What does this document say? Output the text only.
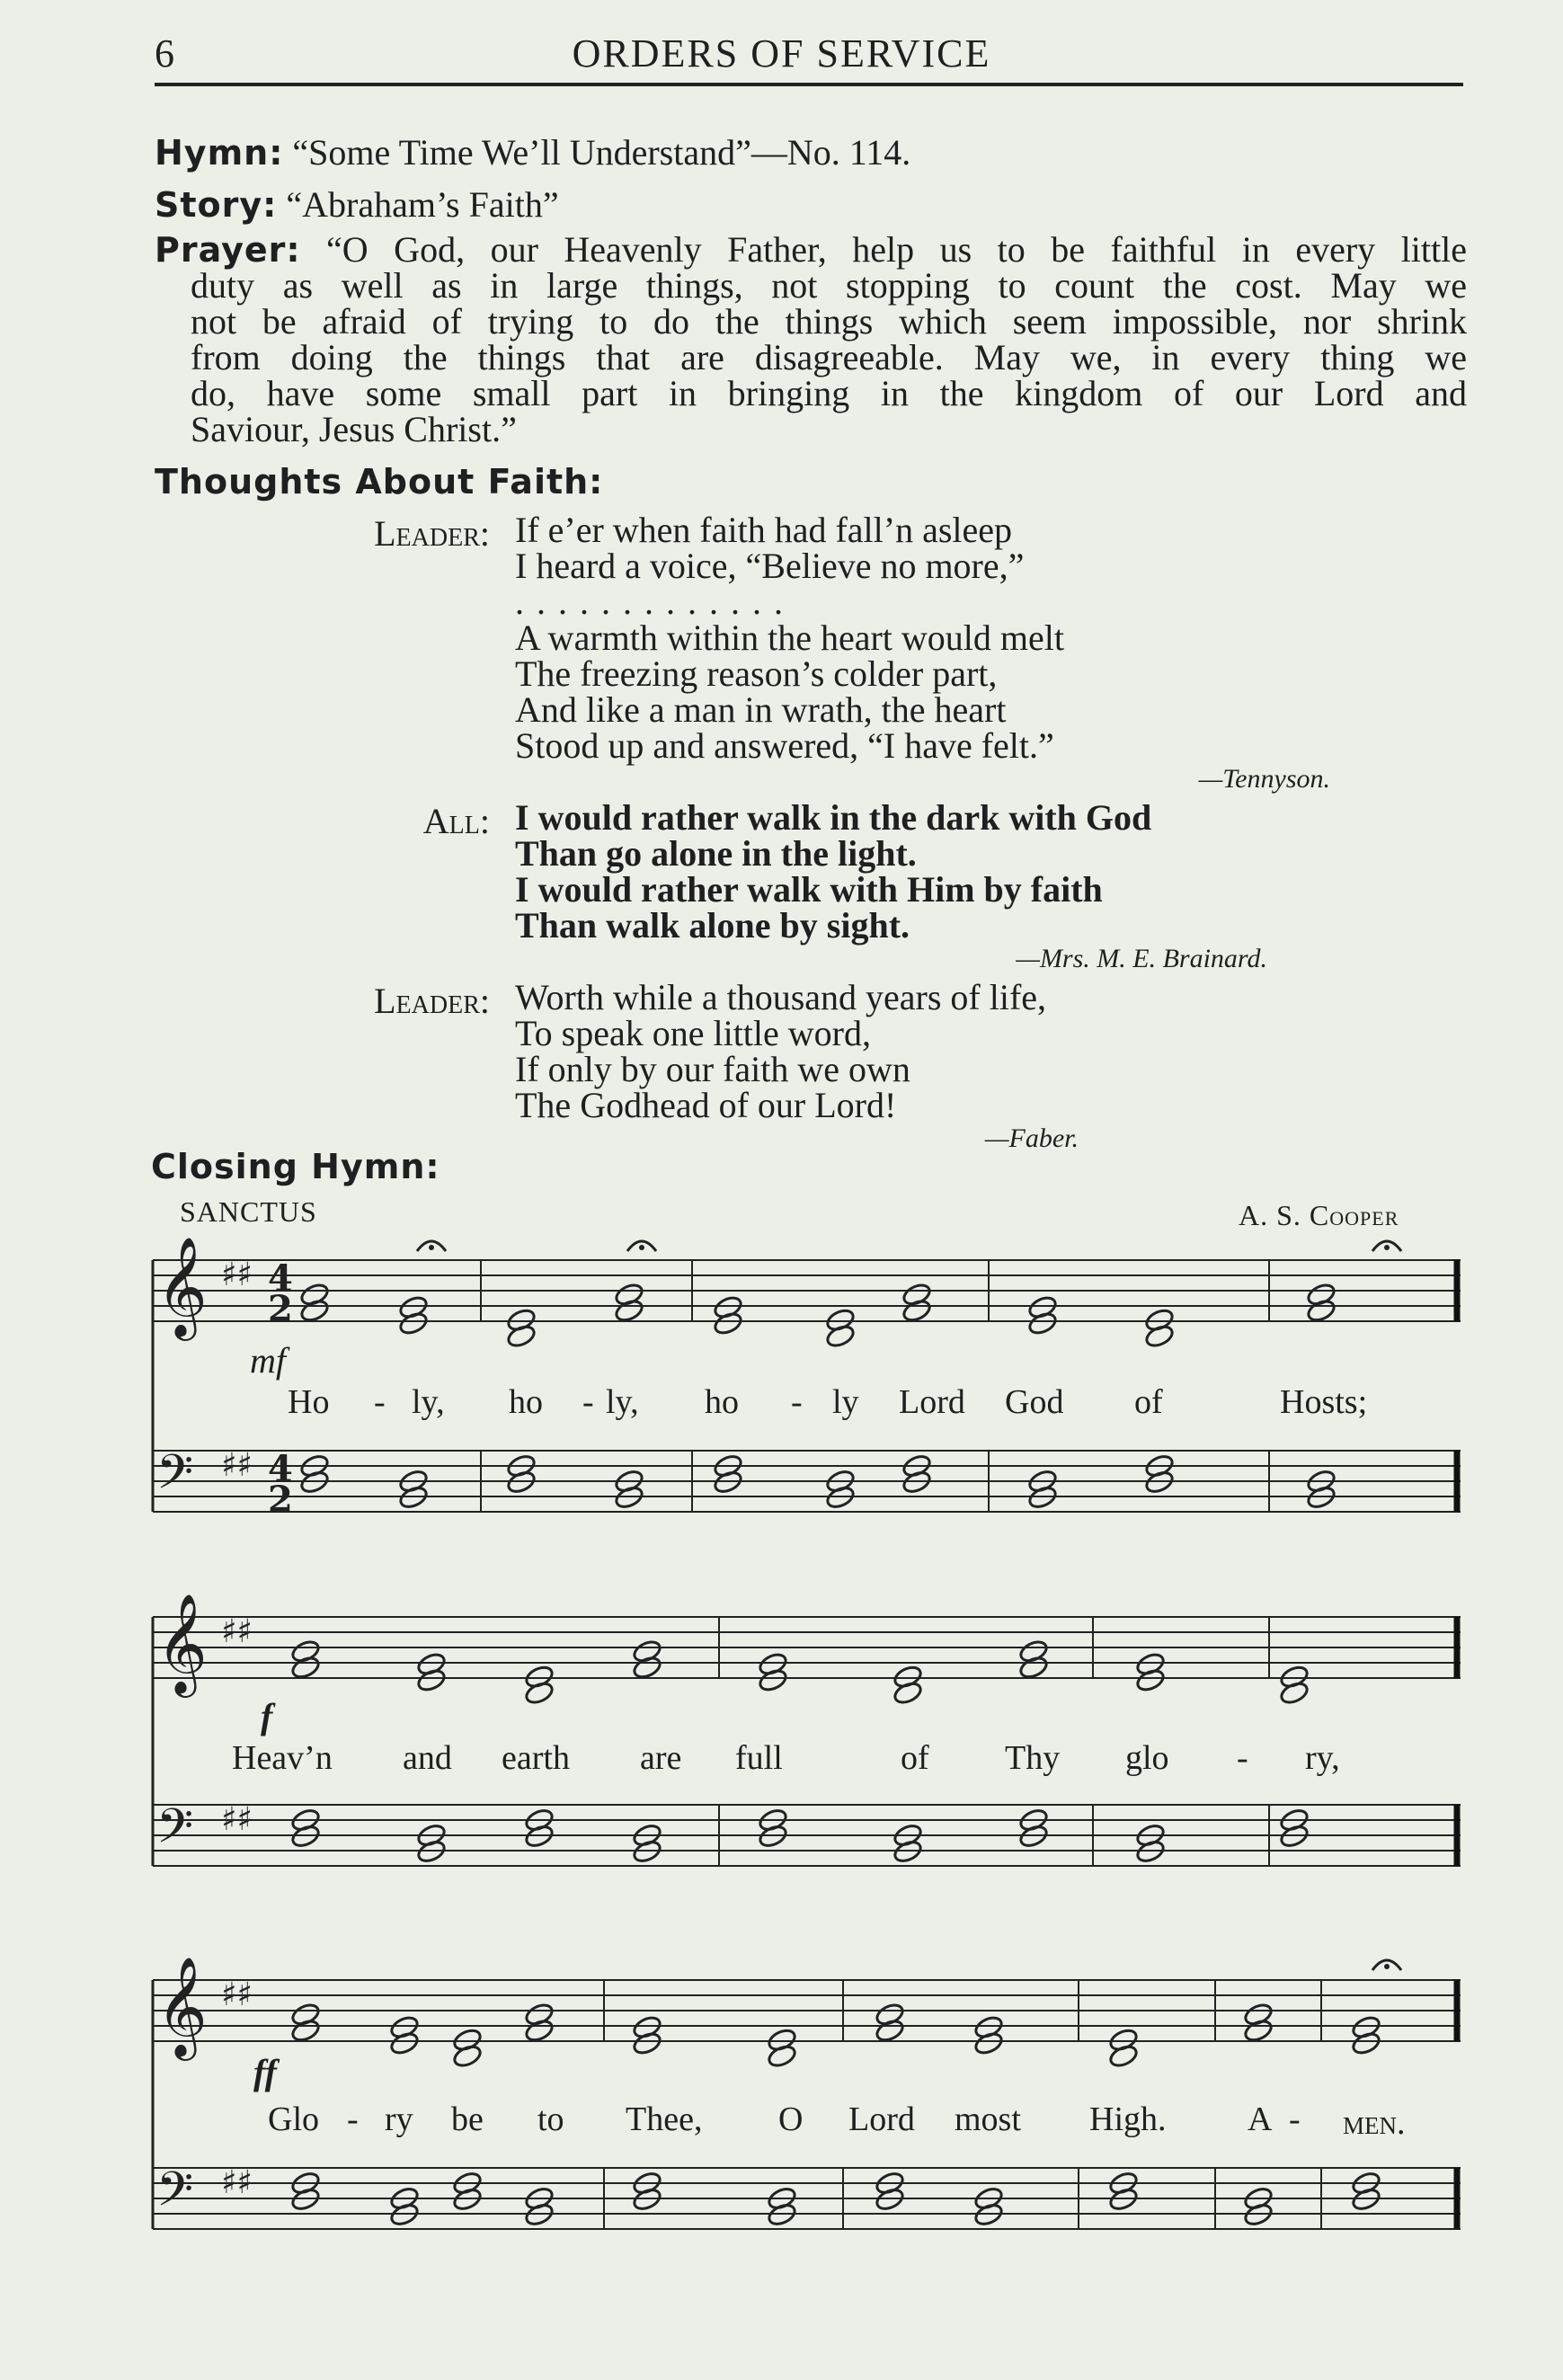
6	ORDERS OF SERVICE
Hymn: “Some Time We’ll Understand”—No. 114.
Story: “Abraham’s Faith”
Prayer: “O God, our Heavenly Father, help us to be faithful in every little
duty as well as in large things, not stopping to count the cost. May we
not be afraid of trying to do the things which seem impossible, nor shrink
from doing the things that are disagreeable. May we, in every thing we
do, have some small part in bringing in the kingdom of our Lord and
Saviour, Jesus Christ.”
Thoughts About Faith:
Leader: If e’er when faith had fall’n asleep
I heard a voice, “Believe no more,”
. . . . . . . . . . . . .
A warmth within the heart would melt
The freezing reason’s colder part,
And like a man in wrath, the heart
Stood up and answered, “I have felt.”
—Tennyson.
All: I would rather walk in the dark with God
Than go alone in the light.
I would rather walk with Him by faith
Than walk alone by sight.
—Mrs. M. E. Brainard.
Leader: Worth while a thousand years of life,
To speak one little word,
If only by our faith we own
The Godhead of our Lord!
—Faber.
Closing Hymn:
SANCTUS	A. S. Cooper
𝄞 ♯♯ 4
2
𝄢 ♯♯ 4
2
𝄞 ♯♯
𝄢 ♯♯
𝄞 ♯♯
𝄢 ♯♯
mf
f
ff
Ho - ly, ho - ly, ho - ly Lord God of	Hosts;
Heav’n and earth are full	of Thy glo - ry,
Glo - ry be to Thee, O Lord most High. A - men.
